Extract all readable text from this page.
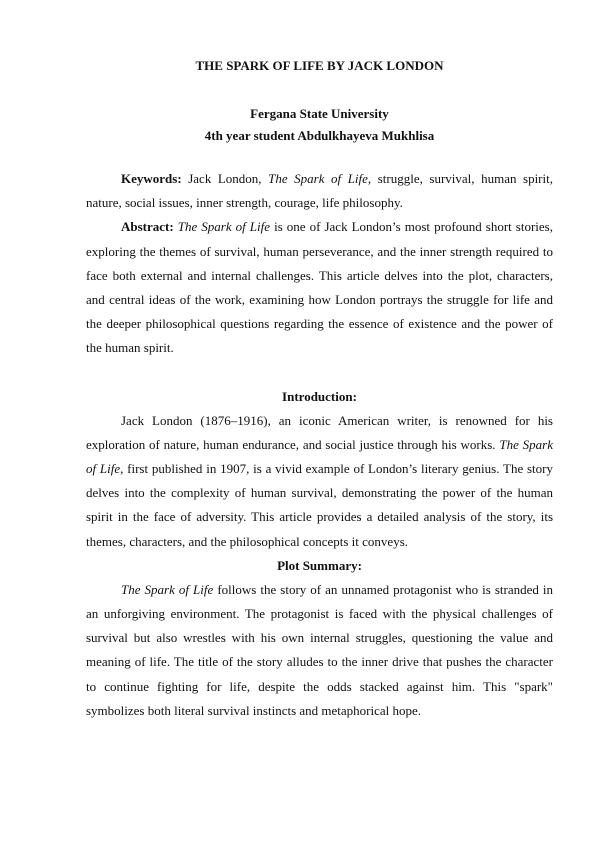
THE SPARK OF LIFE BY JACK LONDON
Fergana State University
4th year student Abdulkhayeva Mukhlisa

Keywords: Jack London, The Spark of Life, struggle, survival, human spirit, nature, social issues, inner strength, courage, life philosophy.

Abstract: The Spark of Life is one of Jack London’s most profound short stories, exploring the themes of survival, human perseverance, and the inner strength required to face both external and internal challenges. This article delves into the plot, characters, and central ideas of the work, examining how London portrays the struggle for life and the deeper philosophical questions regarding the essence of existence and the power of the human spirit.

Introduction:

Jack London (1876–1916), an iconic American writer, is renowned for his exploration of nature, human endurance, and social justice through his works. The Spark of Life, first published in 1907, is a vivid example of London’s literary genius. The story delves into the complexity of human survival, demonstrating the power of the human spirit in the face of adversity. This article provides a detailed analysis of the story, its themes, characters, and the philosophical concepts it conveys.

Plot Summary:

The Spark of Life follows the story of an unnamed protagonist who is stranded in an unforgiving environment. The protagonist is faced with the physical challenges of survival but also wrestles with his own internal struggles, questioning the value and meaning of life. The title of the story alludes to the inner drive that pushes the character to continue fighting for life, despite the odds stacked against him. This "spark" symbolizes both literal survival instincts and metaphorical hope.
